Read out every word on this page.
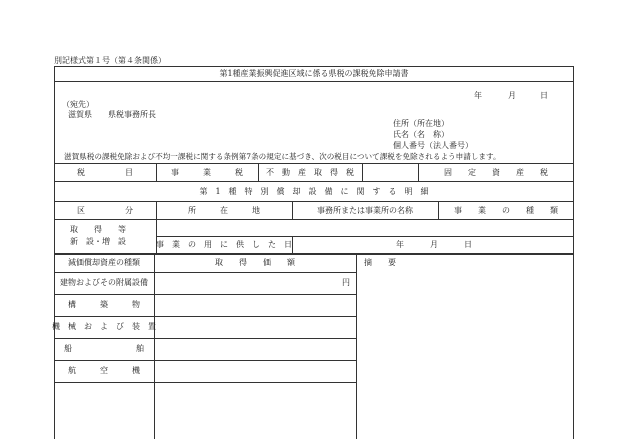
別記様式第１号（第４条関係）
第1種産業振興促進区域に係る県税の課税免除申請書
年	月	日
（宛先）
滋賀県　　県税事務所長
住所（所在地）
氏名（名　称）
個人番号（法人番号）
滋賀県税の課税免除および不均一課税に関する条例第7条の規定に基づき、次の税目について課税を免除されるよう申請します。
税　　　　　目	事　　　業　　　税	不　動　産　取　得　税	固　　定　　資　　産　　税
第　1　種　特　別　償　却　設　備　に　関　す　る　明　細
区　　　　　分	所　　　在　　　地	事務所または事業所の名称	事　　業　　の　　種　　類
取　　得　　等
新　設・増　設	事　業　の　用　に　供　し　た　日	年	月	日
減価償却資産の種類	取　　得　　価　　額	摘　　要
建物およびその附属設備	円
構　　　築　　　物
機　械　お　よ　び　装　置
船　　　　　　　　舶
航　　　空　　　機
